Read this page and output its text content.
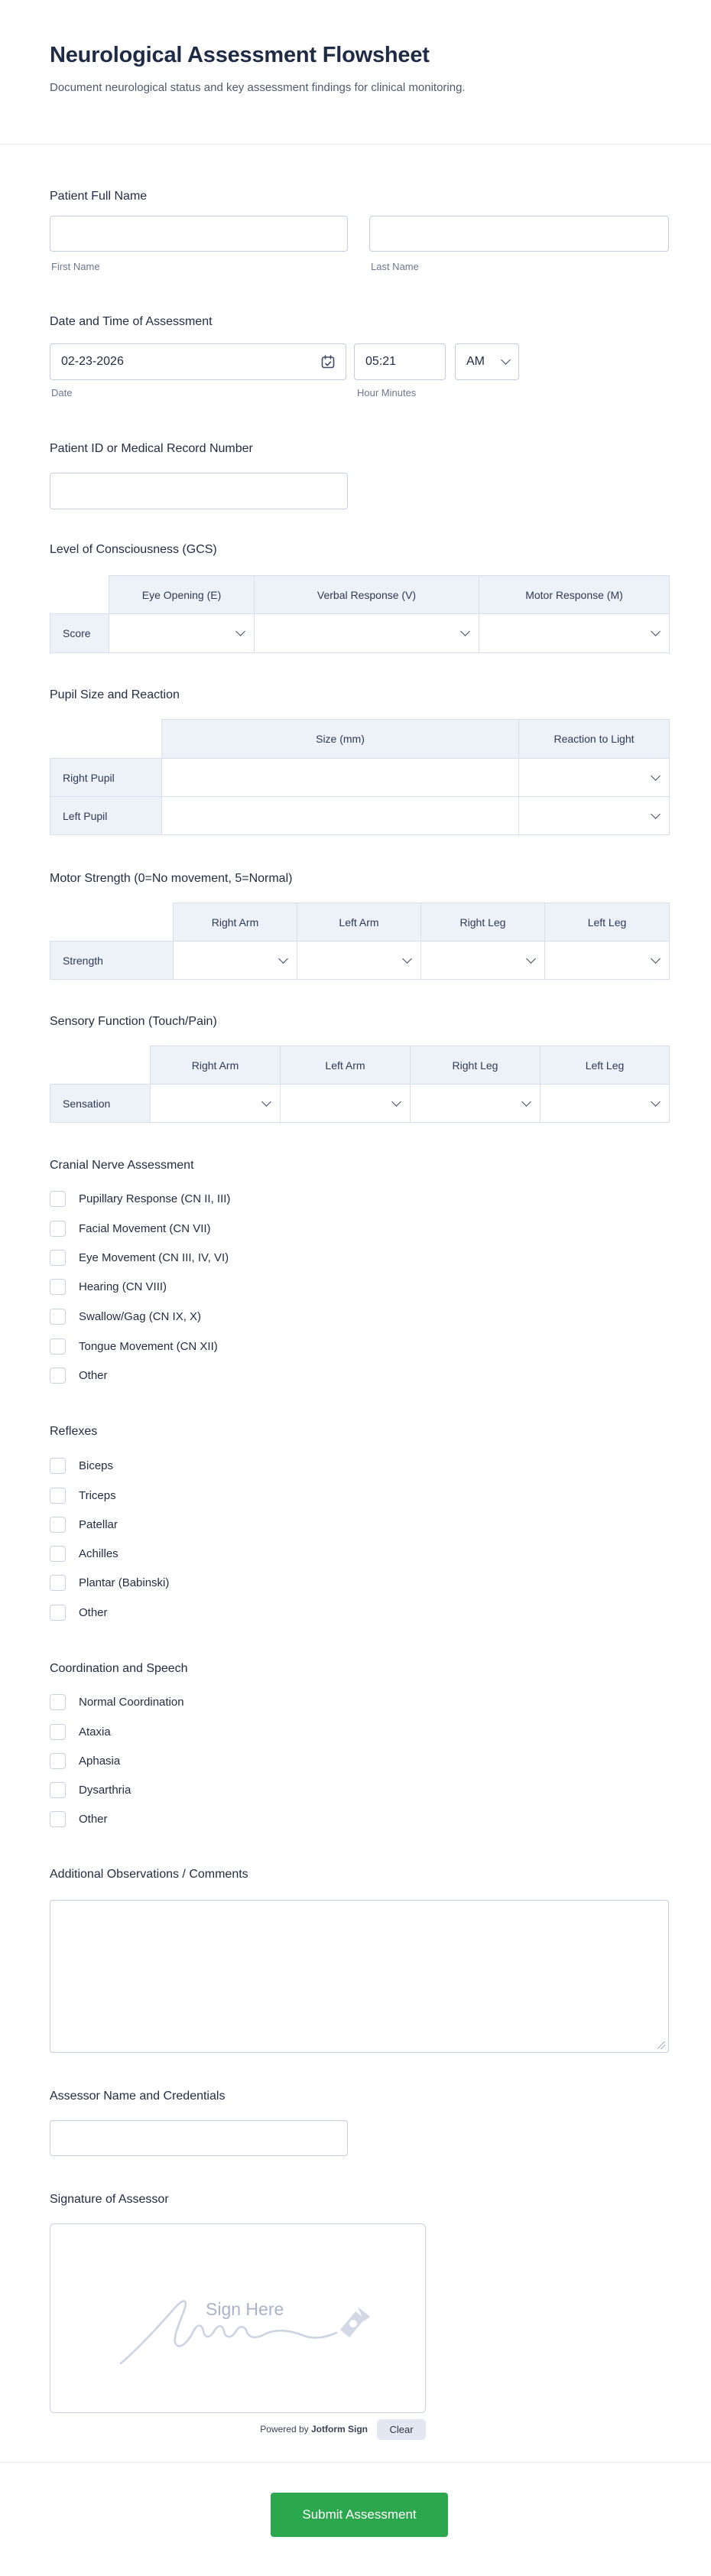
Neurological Assessment Flowsheet
Document neurological status and key assessment findings for clinical monitoring.
Patient Full Name
First Name	Last Name
Date and Time of Assessment
02-23-2026	05:21	AM
Date	Hour Minutes
Patient ID or Medical Record Number
Level of Consciousness (GCS)
	Eye Opening (E)	Verbal Response (V)	Motor Response (M)
Score	

Pupil Size and Reaction
	Size (mm)	Reaction to Light
Right Pupil		

Left Pupil		
Motor Strength (0=No movement, 5=Normal)
	Right Arm	Left Arm	Right Leg	Left Leg
Strength	

Sensory Function (Touch/Pain)
	Right Arm	Left Arm	Right Leg	Left Leg
Sensation	

Cranial Nerve Assessment
Pupillary Response (CN II, III)
Facial Movement (CN VII)
Eye Movement (CN III, IV, VI)
Hearing (CN VIII)
Swallow/Gag (CN IX, X)
Tongue Movement (CN XII)
Other
Reflexes
Biceps
Triceps
Patellar
Achilles
Plantar (Babinski)
Other
Coordination and Speech
Normal Coordination
Ataxia
Aphasia
Dysarthria
Other
Additional Observations / Comments
Assessor Name and Credentials
Signature of Assessor
Sign Here
Powered by Jotform Sign	Clear
Submit Assessment
